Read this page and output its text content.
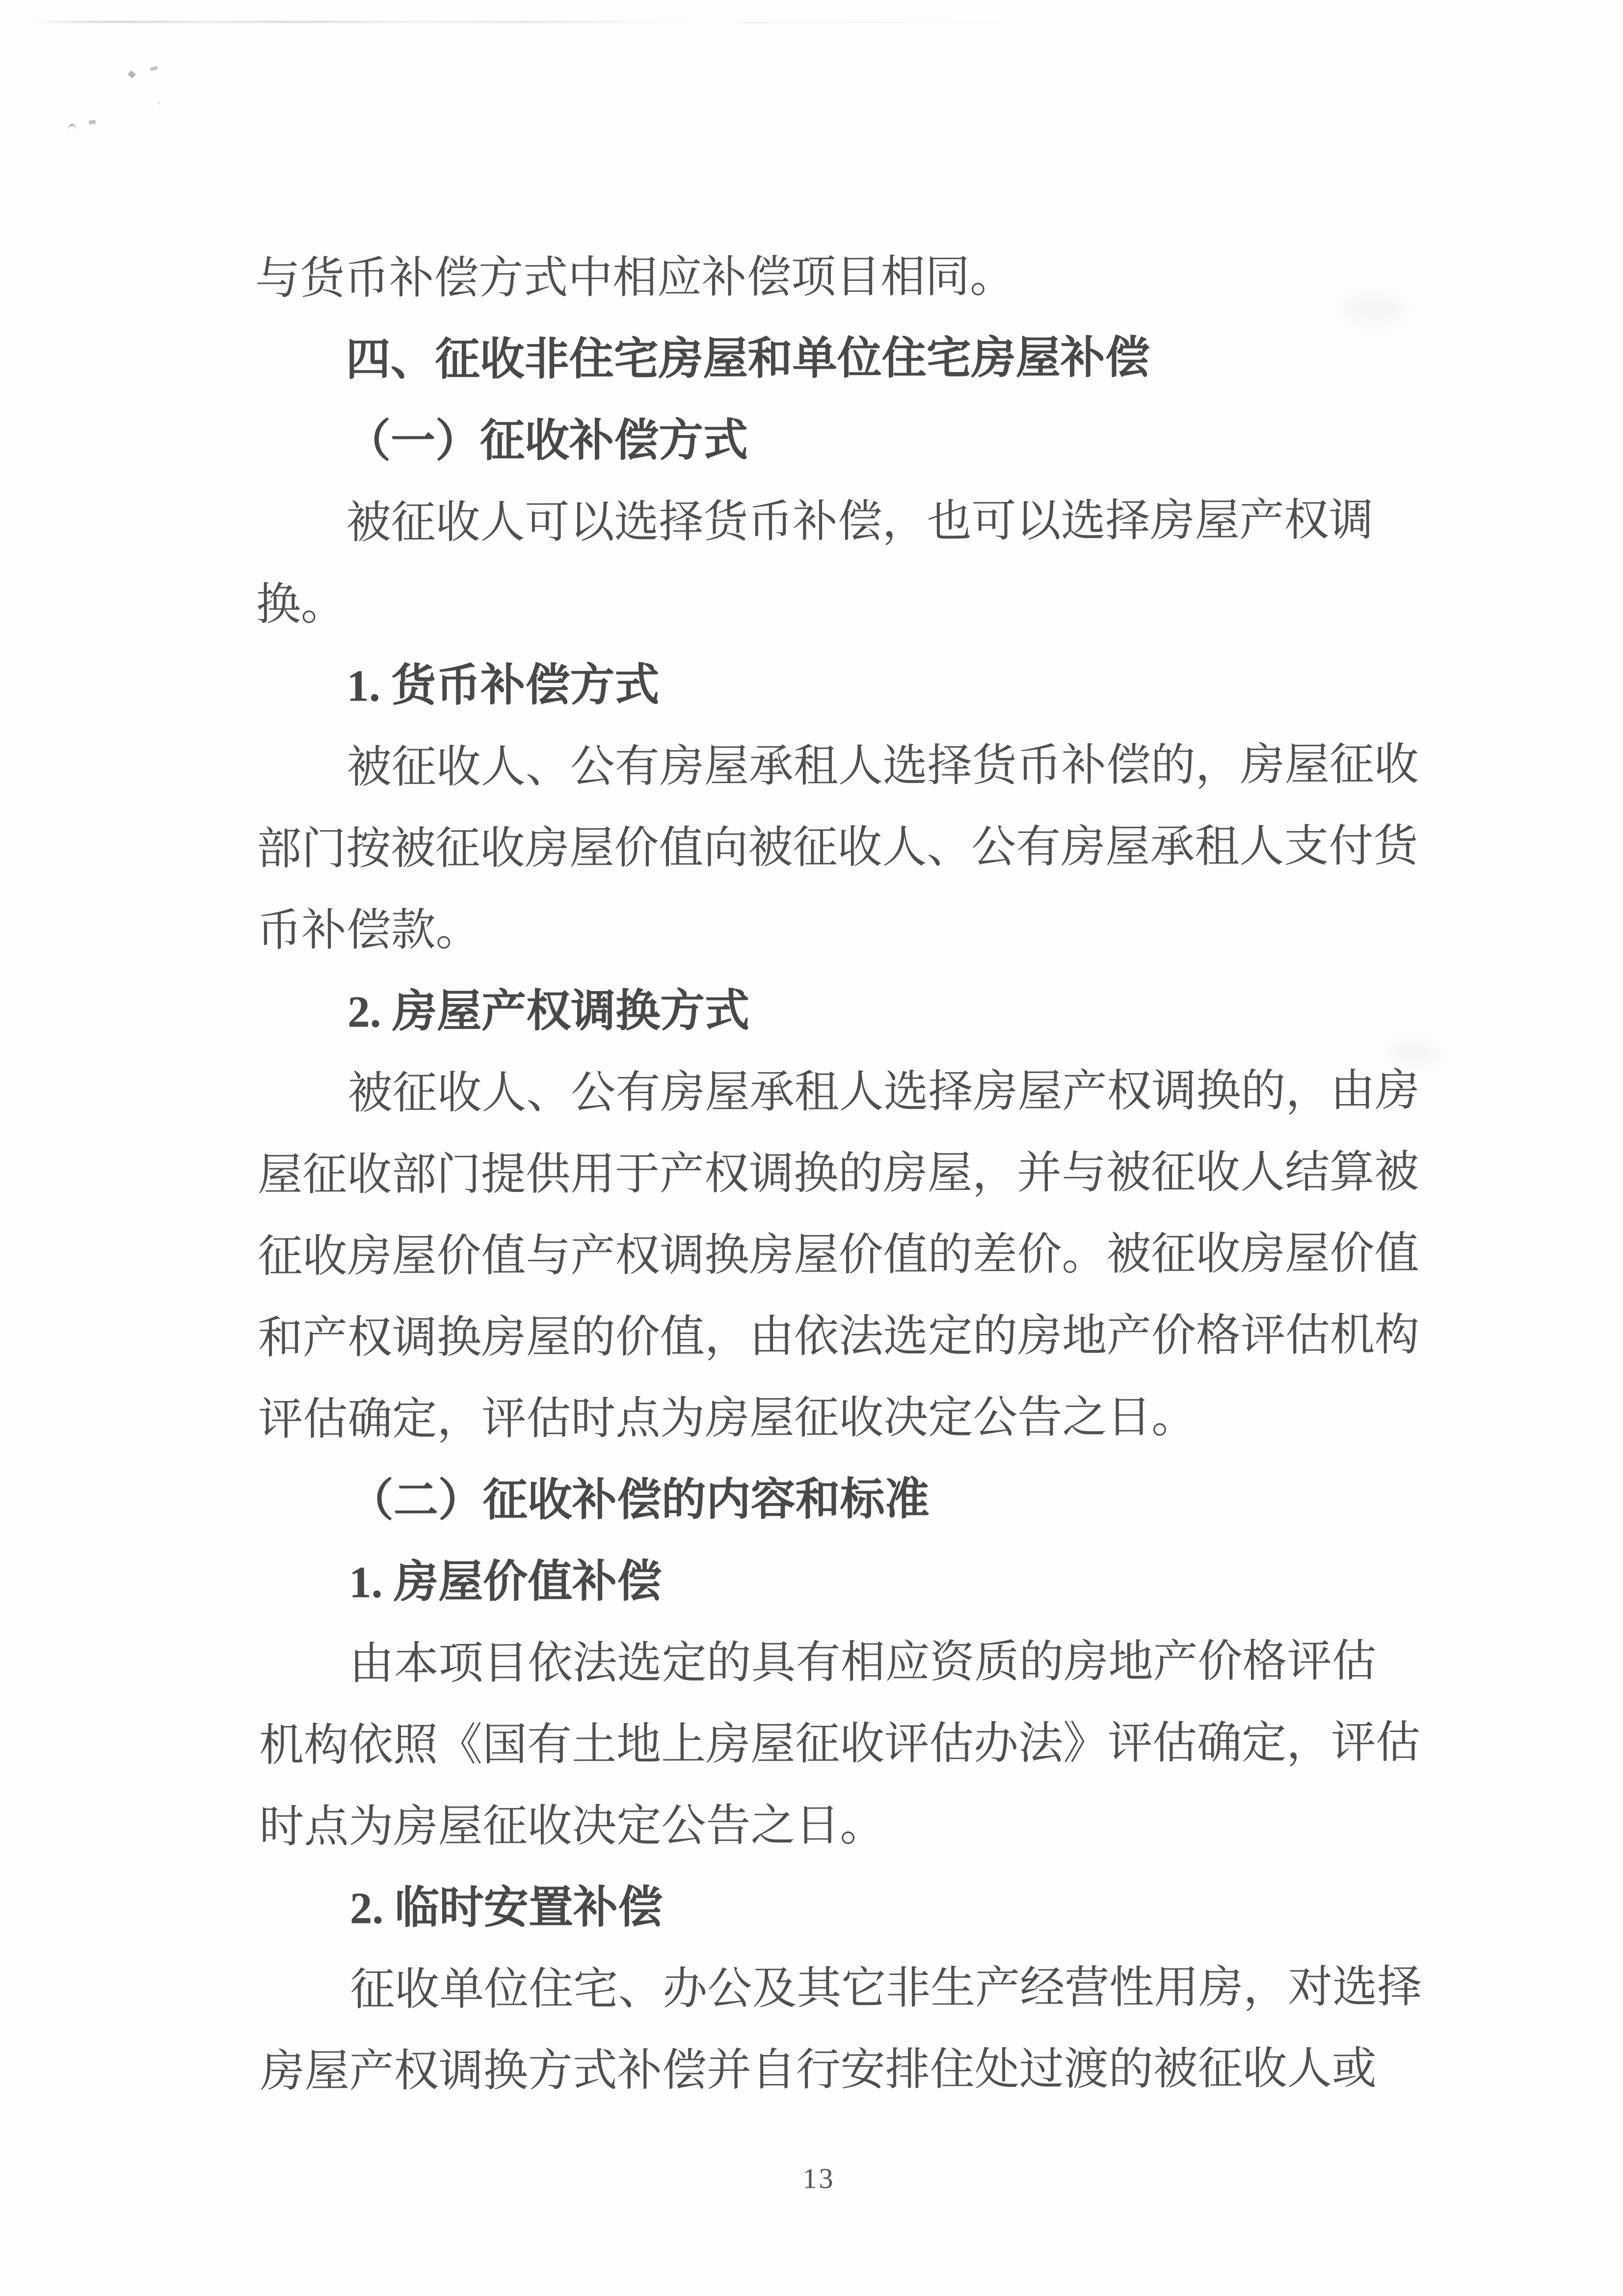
与货币补偿方式中相应补偿项目相同。
四、征收非住宅房屋和单位住宅房屋补偿
（一）征收补偿方式
被征收人可以选择货币补偿，也可以选择房屋产权调
换。
1. 货币补偿方式
被征收人、公有房屋承租人选择货币补偿的，房屋征收
部门按被征收房屋价值向被征收人、公有房屋承租人支付货
币补偿款。
2. 房屋产权调换方式
被征收人、公有房屋承租人选择房屋产权调换的，由房
屋征收部门提供用于产权调换的房屋，并与被征收人结算被
征收房屋价值与产权调换房屋价值的差价。被征收房屋价值
和产权调换房屋的价值，由依法选定的房地产价格评估机构
评估确定，评估时点为房屋征收决定公告之日。
（二）征收补偿的内容和标准
1. 房屋价值补偿
由本项目依法选定的具有相应资质的房地产价格评估
机构依照《国有土地上房屋征收评估办法》评估确定，评估
时点为房屋征收决定公告之日。
2. 临时安置补偿
征收单位住宅、办公及其它非生产经营性用房，对选择
房屋产权调换方式补偿并自行安排住处过渡的被征收人或
13
